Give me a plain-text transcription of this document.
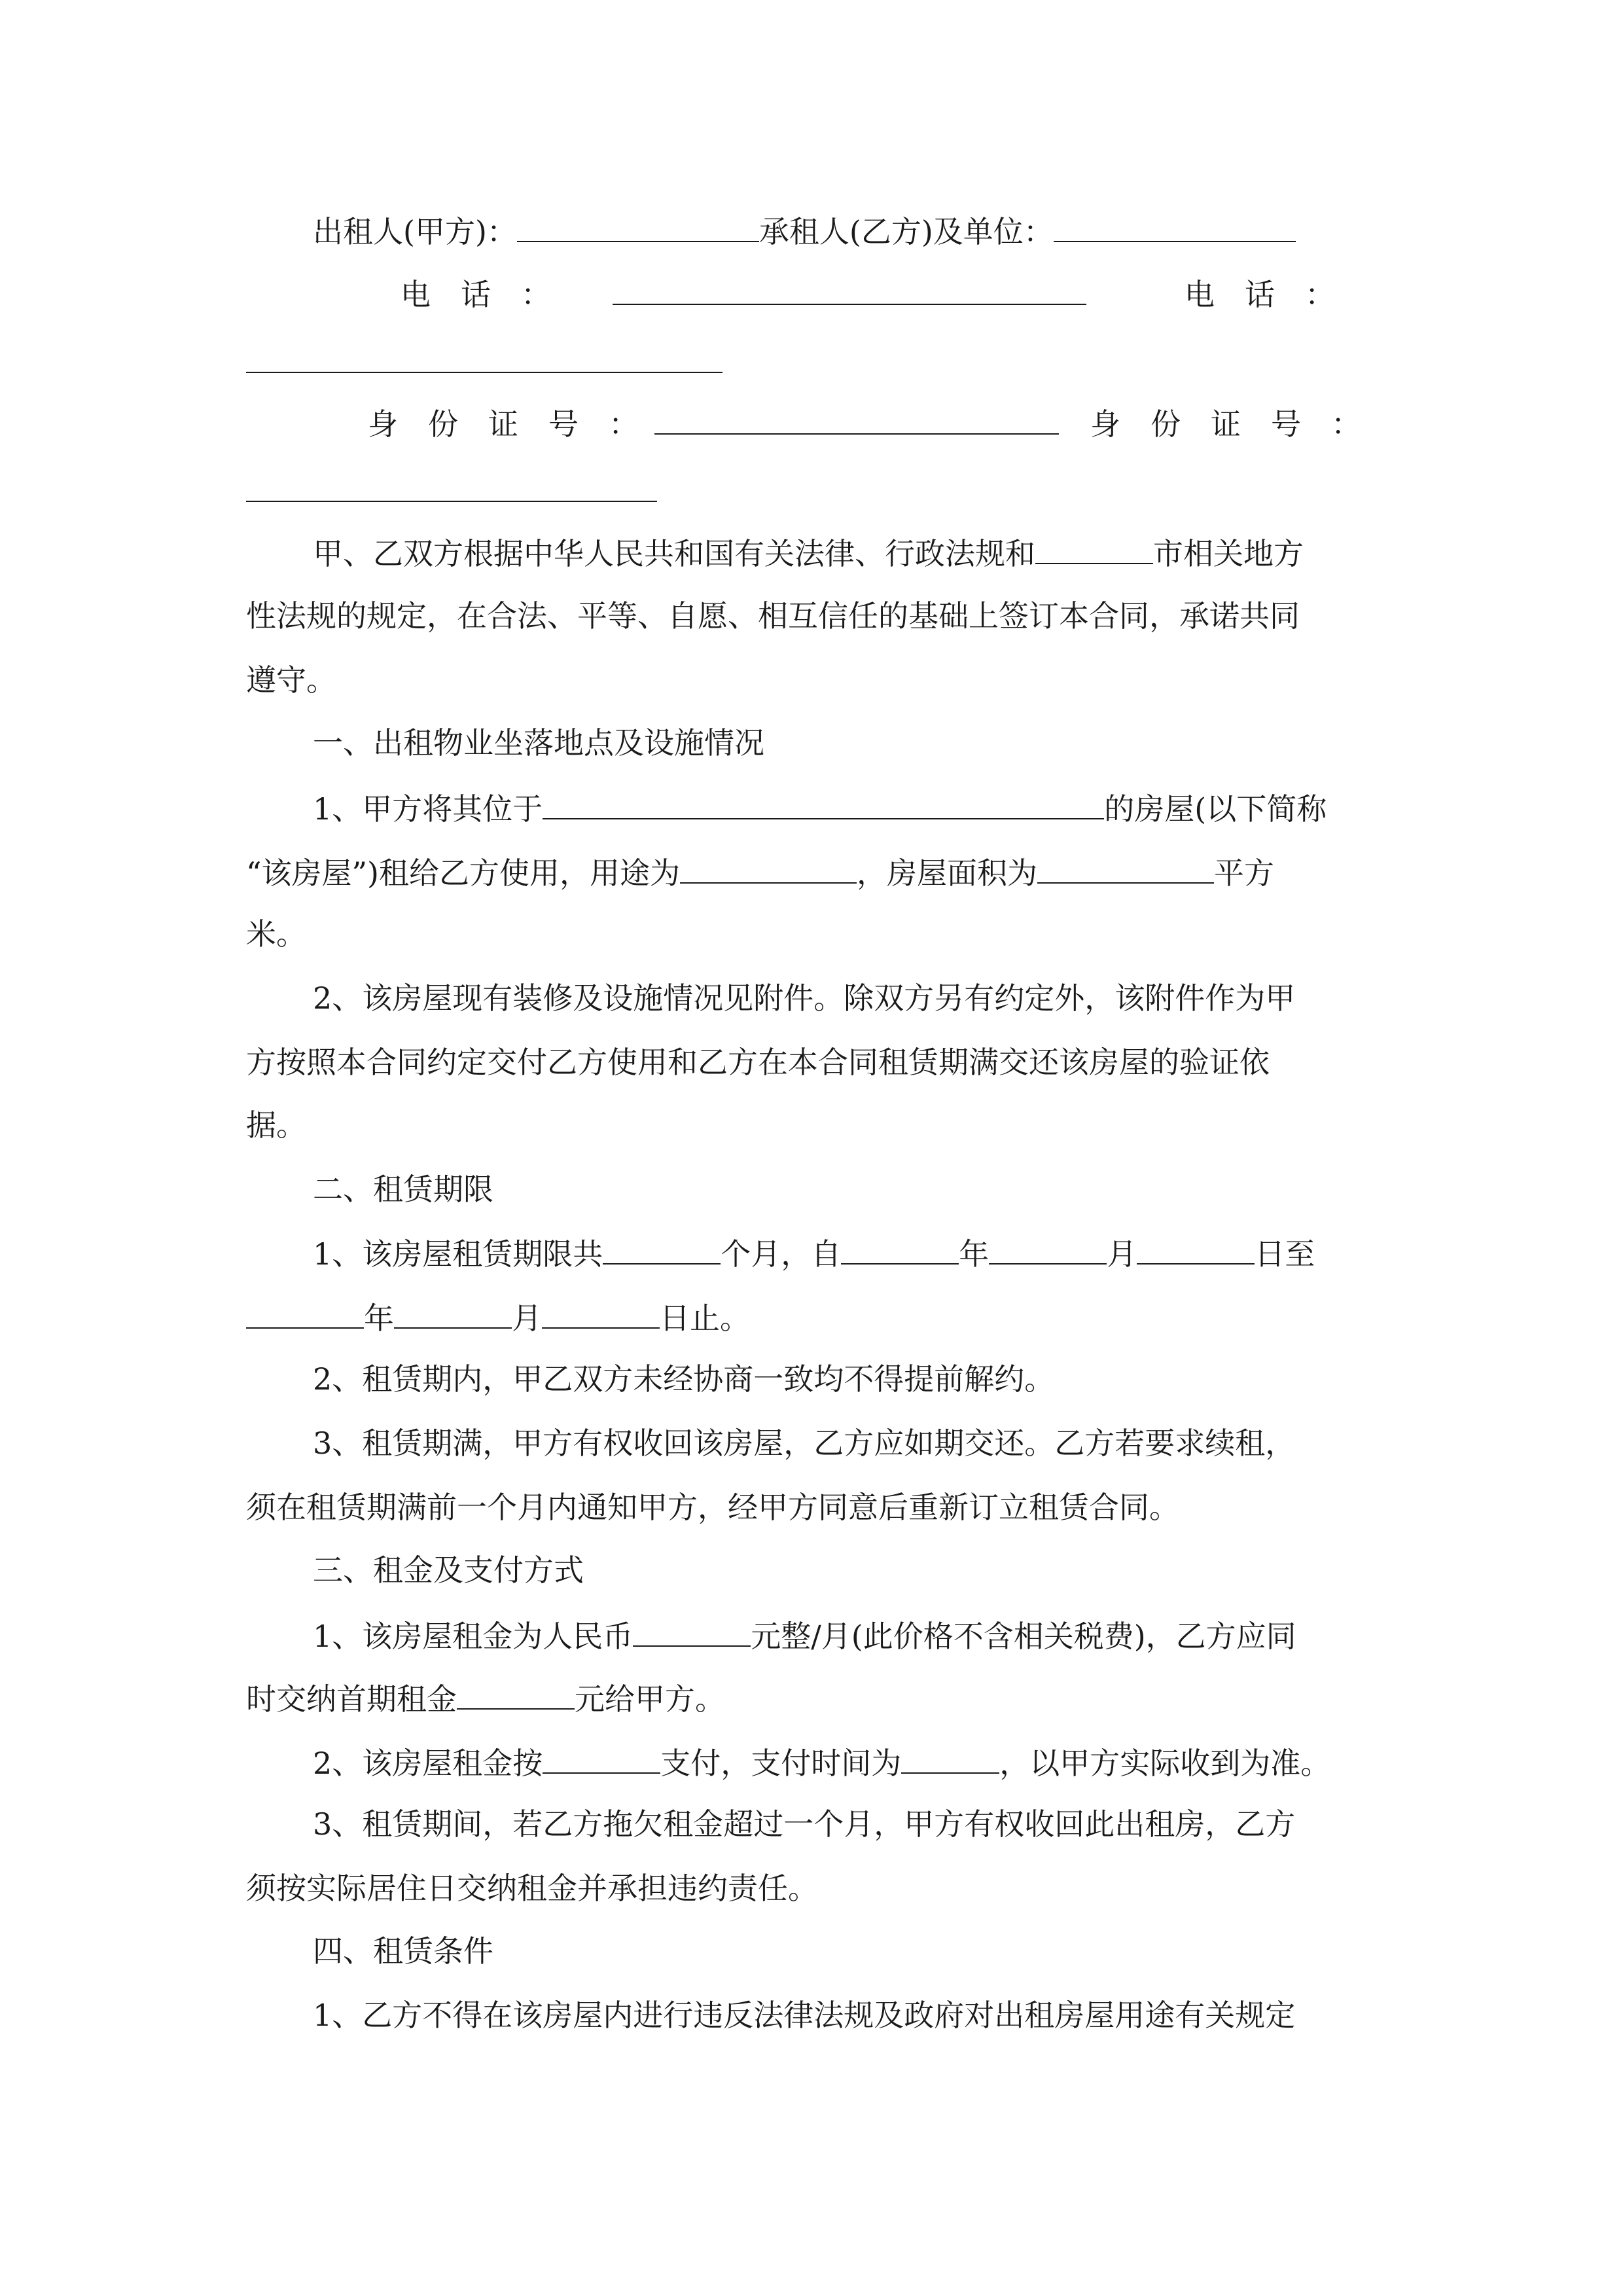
出租人(甲方)：	承租人(乙方)及单位：
电　话　：	电　话　：
身　份　证　号　：	身　份　证　号　：
甲、乙双方根据中华人民共和国有关法律、行政法规和	市相关地方
性法规的规定，在合法、平等、自愿、相互信任的基础上签订本合同，承诺共同
遵守。
一、出租物业坐落地点及设施情况
1、甲方将其位于	的房屋(以下简称
“该房屋”)租给乙方使用，用途为	，房屋面积为	平方
米。
2、该房屋现有装修及设施情况见附件。除双方另有约定外，该附件作为甲
方按照本合同约定交付乙方使用和乙方在本合同租赁期满交还该房屋的验证依
据。
二、租赁期限
1、该房屋租赁期限共	个月，自	年	月	日至
年	月	日止。
2、租赁期内，甲乙双方未经协商一致均不得提前解约。
3、租赁期满，甲方有权收回该房屋，乙方应如期交还。乙方若要求续租，
须在租赁期满前一个月内通知甲方，经甲方同意后重新订立租赁合同。
三、租金及支付方式
1、该房屋租金为人民币	元整/月(此价格不含相关税费)，乙方应同
时交纳首期租金	元给甲方。
2、该房屋租金按	支付，支付时间为	，以甲方实际收到为准。
3、租赁期间，若乙方拖欠租金超过一个月，甲方有权收回此出租房，乙方
须按实际居住日交纳租金并承担违约责任。
四、租赁条件
1、乙方不得在该房屋内进行违反法律法规及政府对出租房屋用途有关规定
